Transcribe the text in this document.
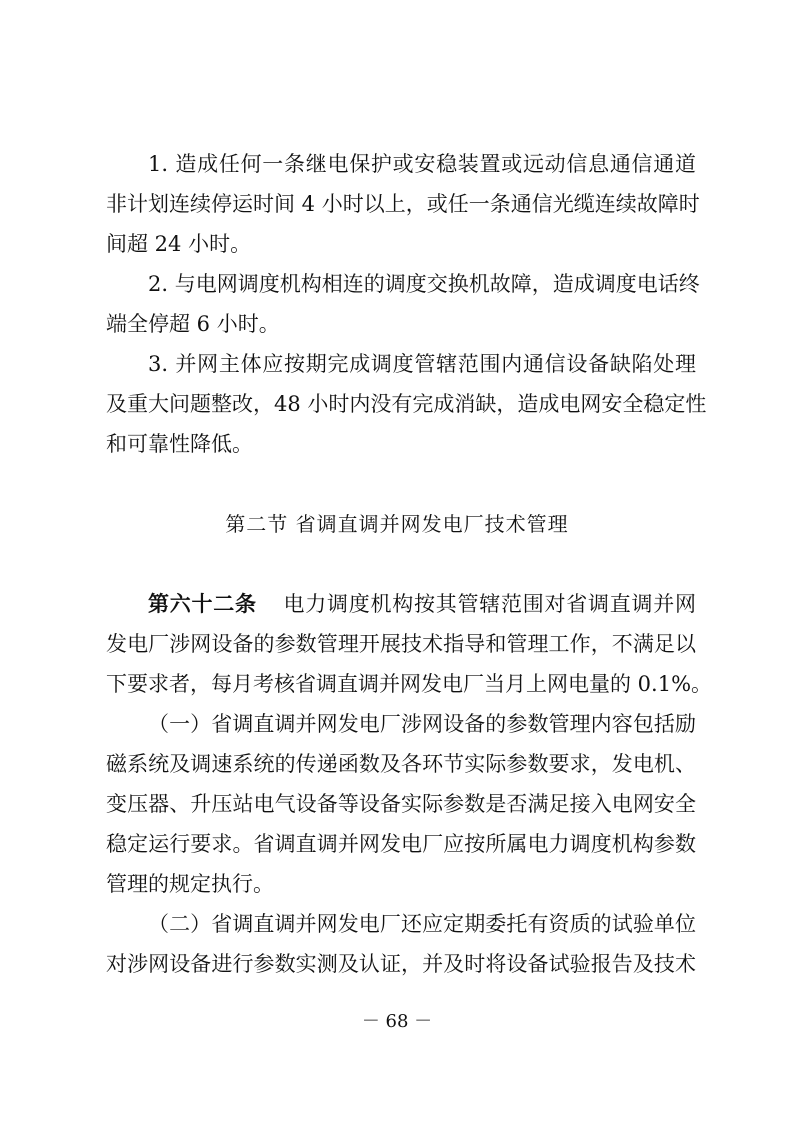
1. 造成任何一条继电保护或安稳装置或远动信息通信通道
非计划连续停运时间 4 小时以上，或任一条通信光缆连续故障时
间超 24 小时。
2. 与电网调度机构相连的调度交换机故障，造成调度电话终
端全停超 6 小时。
3. 并网主体应按期完成调度管辖范围内通信设备缺陷处理
及重大问题整改，48 小时内没有完成消缺，造成电网安全稳定性
和可靠性降低。
第二节 省调直调并网发电厂技术管理
第六十二条 电力调度机构按其管辖范围对省调直调并网
发电厂涉网设备的参数管理开展技术指导和管理工作，不满足以
下要求者，每月考核省调直调并网发电厂当月上网电量的 0.1%。
（一）省调直调并网发电厂涉网设备的参数管理内容包括励
磁系统及调速系统的传递函数及各环节实际参数要求，发电机、
变压器、升压站电气设备等设备实际参数是否满足接入电网安全
稳定运行要求。省调直调并网发电厂应按所属电力调度机构参数
管理的规定执行。
（二）省调直调并网发电厂还应定期委托有资质的试验单位
对涉网设备进行参数实测及认证，并及时将设备试验报告及技术
－ 68 －
